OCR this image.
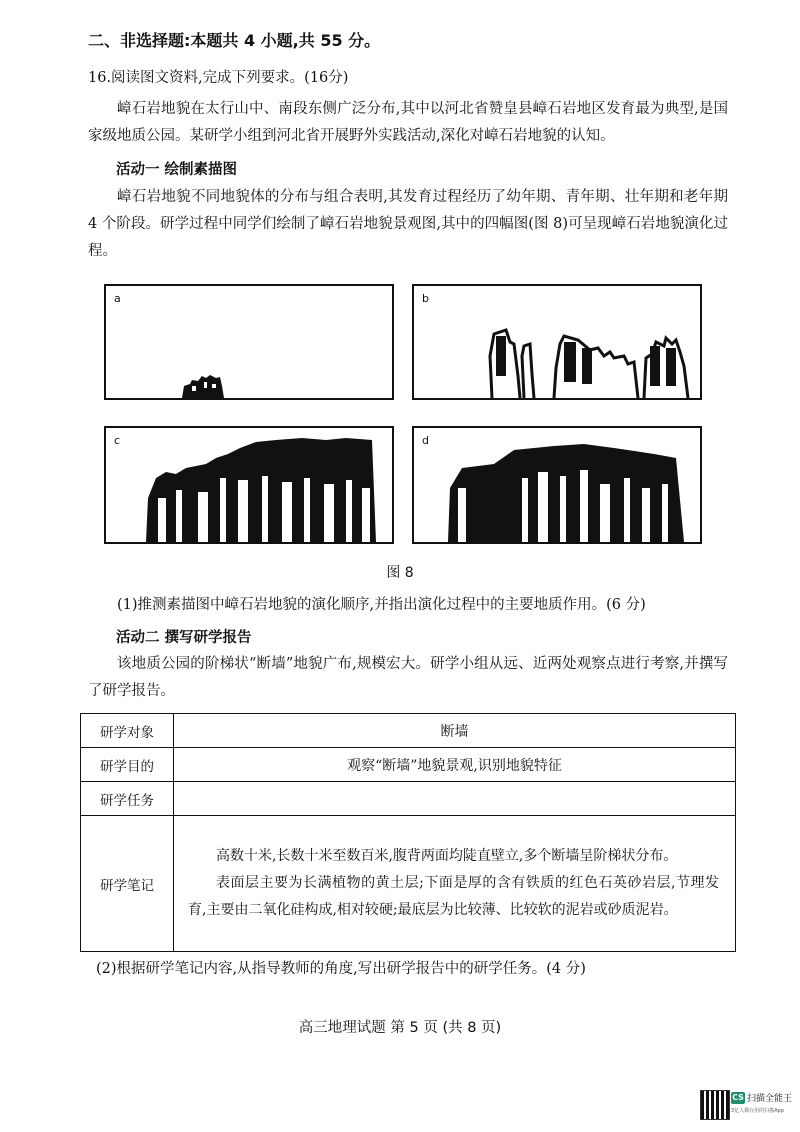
二、非选择题:本题共 4 小题,共 55 分。
16.阅读图文资料,完成下列要求。(16分)
嶂石岩地貌在太行山中、南段东侧广泛分布,其中以河北省赞皇县嶂石岩地区发育最为典型,是国家级地质公园。某研学小组到河北省开展野外实践活动,深化对嶂石岩地貌的认知。
活动一 绘制素描图
嶂石岩地貌不同地貌体的分布与组合表明,其发育过程经历了幼年期、青年期、壮年期和老年期 4 个阶段。研学过程中同学们绘制了嶂石岩地貌景观图,其中的四幅图(图 8)可呈现嶂石岩地貌演化过程。
a	b
c	d
图 8
(1)推测素描图中嶂石岩地貌的演化顺序,并指出演化过程中的主要地质作用。(6 分)
活动二 撰写研学报告
该地质公园的阶梯状“断墙”地貌广布,规模宏大。研学小组从远、近两处观察点进行考察,并撰写了研学报告。
研学对象	断墙
研学目的	观察“断墙”地貌景观,识别地貌特征
研学任务	
研学笔记	高数十米,长数十米至数百米,腹背两面均陡直壁立,多个断墙呈阶梯状分布。

表面层主要为长满植物的黄土层;下面是厚的含有铁质的红色石英砂岩层,节理发育,主要由二氧化硅构成,相对较硬;最底层为比较薄、比较软的泥岩或砂质泥岩。

(2)根据研学笔记内容,从指导教师的角度,写出研学报告中的研学任务。(4 分)
高三地理试题 第 5 页 (共 8 页)
CS 扫描全能王
3亿人都在用的扫描App
